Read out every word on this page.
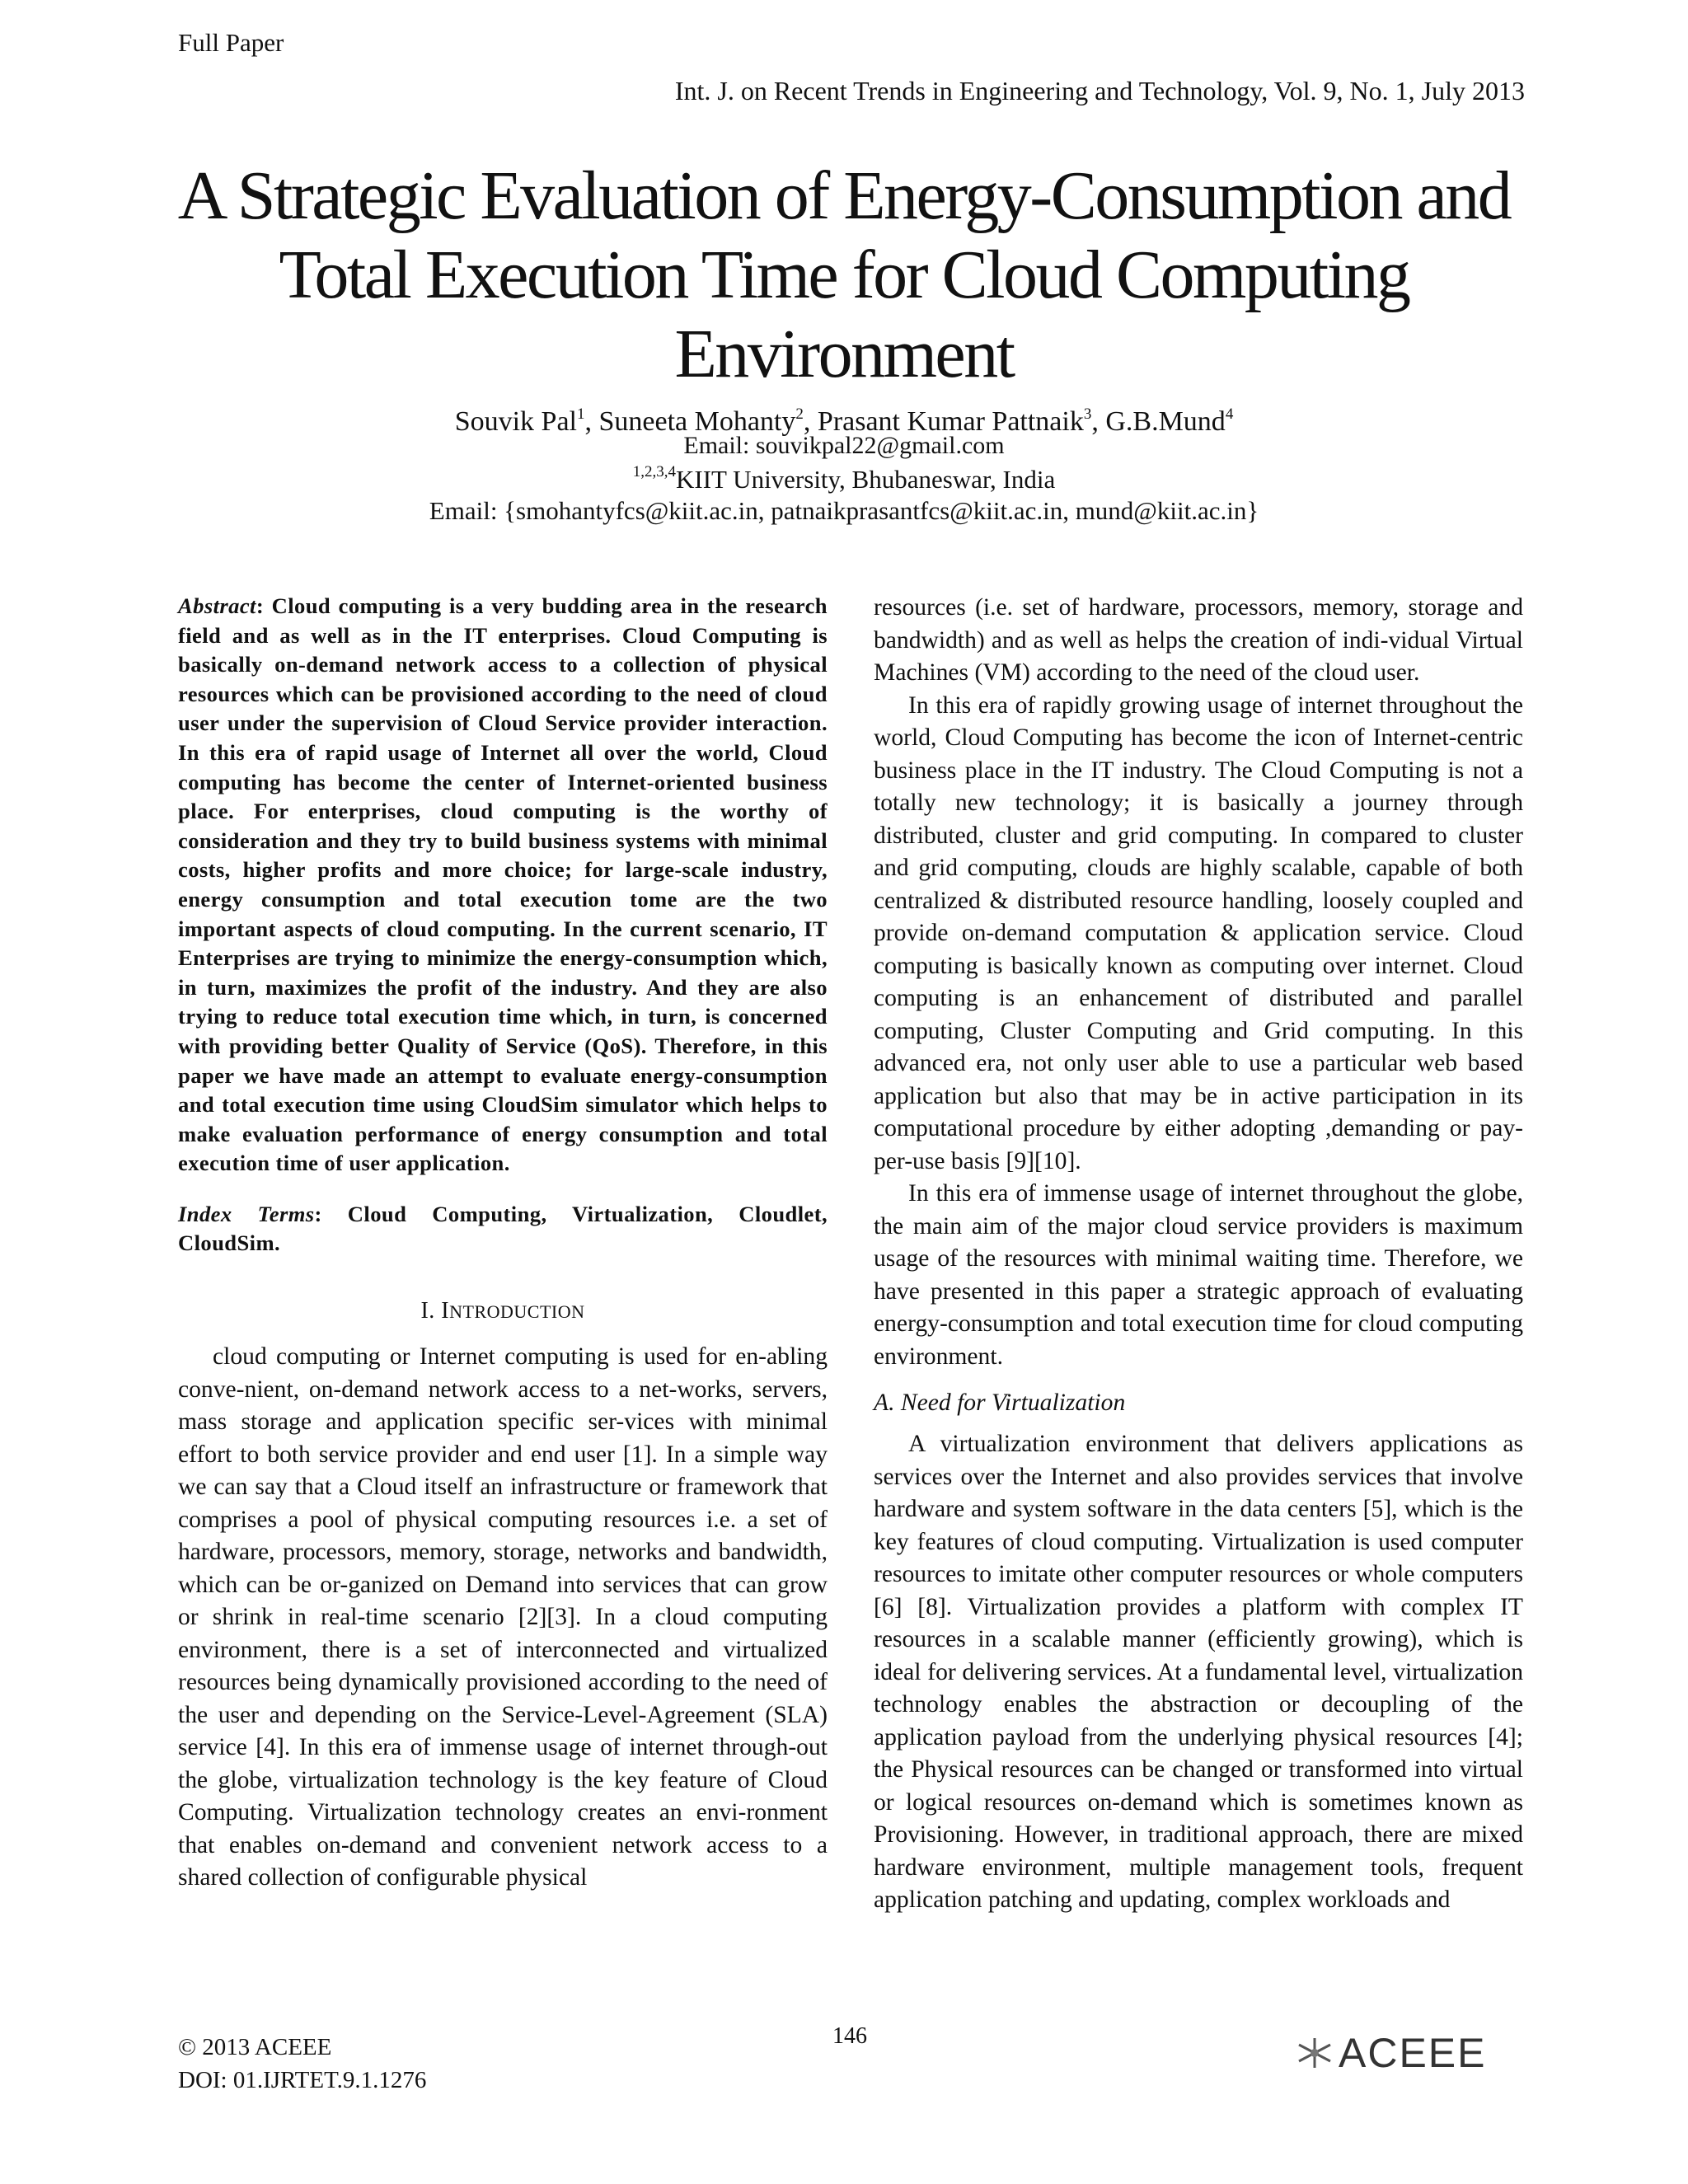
Full Paper
Int. J. on Recent Trends in Engineering and Technology, Vol. 9, No. 1, July 2013
A Strategic Evaluation of Energy-Consumption and
Total Execution Time for Cloud Computing
Environment
Souvik Pal$^1$, Suneeta Mohanty$^2$, Prasant Kumar Pattnaik$^3$, G.B.Mund$^4$
Email: souvikpal22@gmail.com
$^{1,2,3,4}$KIIT University, Bhubaneswar, India
Email: {smohantyfcs@kiit.ac.in, patnaikprasantfcs@kiit.ac.in, mund@kiit.ac.in}

Abstract: Cloud computing is a very budding area in the research field and as well as in the IT enterprises. Cloud Computing is basically on-demand network access to a collection of physical resources which can be provisioned according to the need of cloud user under the supervision of Cloud Service provider interaction. In this era of rapid usage of Internet all over the world, Cloud computing has become the center of Internet-oriented business place. For enterprises, cloud computing is the worthy of consideration and they try to build business systems with minimal costs, higher profits and more choice; for large-scale industry, energy consumption and total execution tome are the two important aspects of cloud computing. In the current scenario, IT Enterprises are trying to minimize the energy-consumption which, in turn, maximizes the profit of the industry. And they are also trying to reduce total execution time which, in turn, is concerned with providing better Quality of Service (QoS). Therefore, in this paper we have made an attempt to evaluate energy-consumption and total execution time using CloudSim simulator which helps to make evaluation performance of energy consumption and total execution time of user application.

Index Terms: Cloud Computing, Virtualization, Cloudlet, CloudSim.

I. INTRODUCTION

cloud computing or Internet computing is used for en-abling conve-nient, on-demand network access to a net-works, servers, mass storage and application specific ser-vices with minimal effort to both service provider and end user [1]. In a simple way we can say that a Cloud itself an infrastructure or framework that comprises a pool of physical computing resources i.e. a set of hardware, processors, memory, storage, networks and bandwidth, which can be or-ganized on Demand into services that can grow or shrink in real-time scenario [2][3]. In a cloud computing environment, there is a set of interconnected and virtualized resources being dynamically provisioned according to the need of the user and depending on the Service-Level-Agreement (SLA) service [4]. In this era of immense usage of internet through-out the globe, virtualization technology is the key feature of Cloud Computing. Virtualization technology creates an envi-ronment that enables on-demand and convenient network access to a shared collection of configurable physical

resources (i.e. set of hardware, processors, memory, storage and bandwidth) and as well as helps the creation of indi-vidual Virtual Machines (VM) according to the need of the cloud user.

In this era of rapidly growing usage of internet throughout the world, Cloud Computing has become the icon of Internet-centric business place in the IT industry. The Cloud Computing is not a totally new technology; it is basically a journey through distributed, cluster and grid computing. In compared to cluster and grid computing, clouds are highly scalable, capable of both centralized & distributed resource handling, loosely coupled and provide on-demand computation & application service. Cloud computing is basically known as computing over internet. Cloud computing is an enhancement of distributed and parallel computing, Cluster Computing and Grid computing. In this advanced era, not only user able to use a particular web based application but also that may be in active participation in its computational procedure by either adopting ,demanding or pay-per-use basis [9][10].

In this era of immense usage of internet throughout the globe, the main aim of the major cloud service providers is maximum usage of the resources with minimal waiting time. Therefore, we have presented in this paper a strategic approach of evaluating energy-consumption and total execution time for cloud computing environment.

A. Need for Virtualization

A virtualization environment that delivers applications as services over the Internet and also provides services that involve hardware and system software in the data centers [5], which is the key features of cloud computing. Virtualization is used computer resources to imitate other computer resources or whole computers [6] [8]. Virtualization provides a platform with complex IT resources in a scalable manner (efficiently growing), which is ideal for delivering services. At a fundamental level, virtualization technology enables the abstraction or decoupling of the application payload from the underlying physical resources [4]; the Physical resources can be changed or transformed into virtual or logical resources on-demand which is sometimes known as Provisioning. However, in traditional approach, there are mixed hardware environment, multiple management tools, frequent application patching and updating, complex workloads and

146
© 2013 ACEEE
DOI: 01.IJRTET.9.1.1276
ACEEE
